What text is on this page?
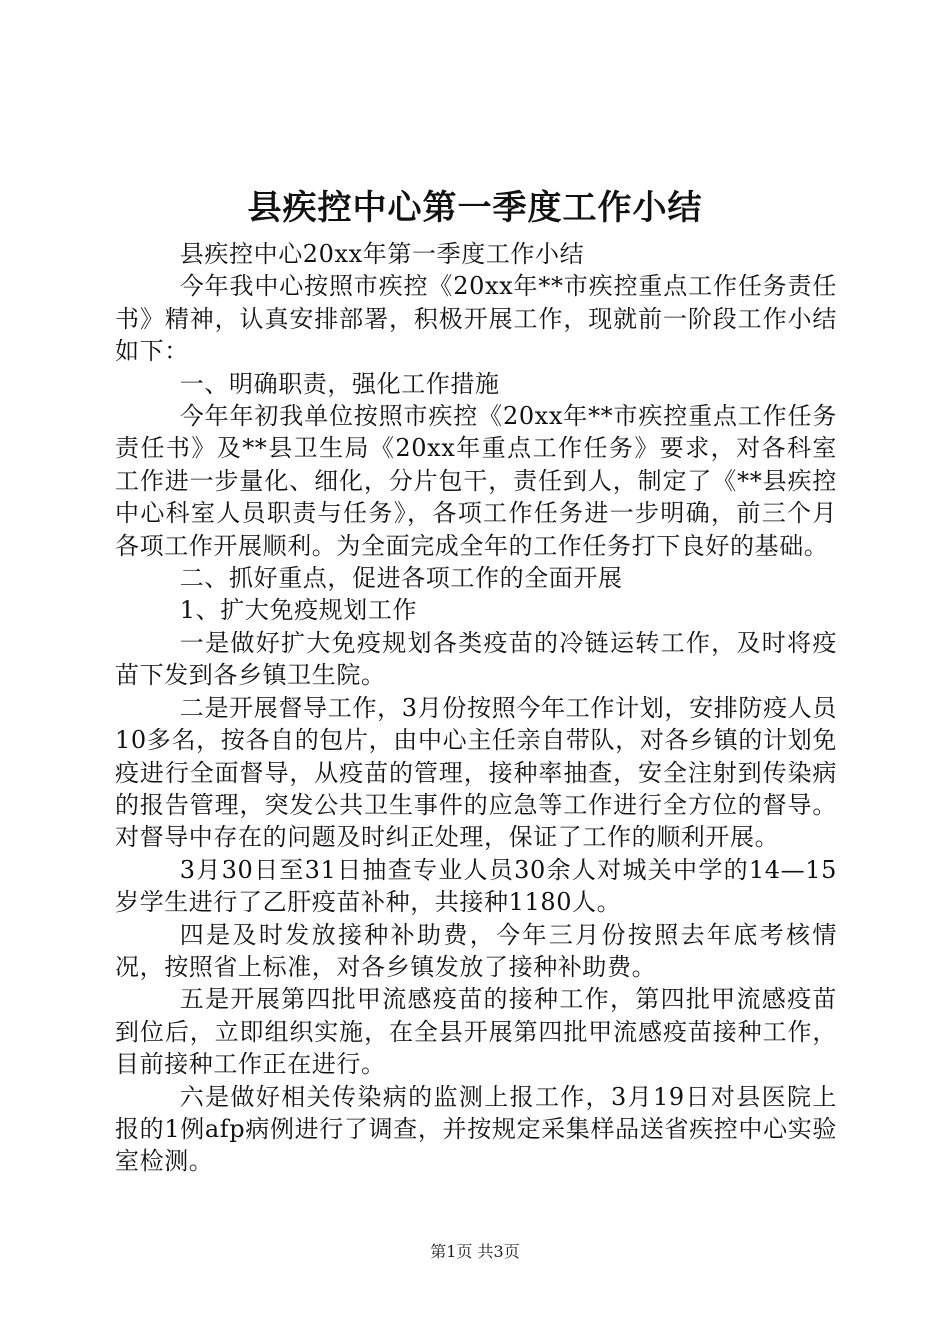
县疾控中心第一季度工作小结

县疾控中心20xx年第一季度工作小结

今年我中心按照市疾控《20xx年**市疾控重点工作任务责任书》精神，认真安排部署，积极开展工作，现就前一阶段工作小结如下：

一、明确职责，强化工作措施

今年年初我单位按照市疾控《20xx年**市疾控重点工作任务责任书》及**县卫生局《20xx年重点工作任务》要求，对各科室工作进一步量化、细化，分片包干，责任到人，制定了《**县疾控中心科室人员职责与任务》，各项工作任务进一步明确，前三个月各项工作开展顺利。为全面完成全年的工作任务打下良好的基础。

二、抓好重点，促进各项工作的全面开展

1、扩大免疫规划工作

一是做好扩大免疫规划各类疫苗的冷链运转工作，及时将疫苗下发到各乡镇卫生院。

二是开展督导工作，3月份按照今年工作计划，安排防疫人员10多名，按各自的包片，由中心主任亲自带队，对各乡镇的计划免疫进行全面督导，从疫苗的管理，接种率抽查，安全注射到传染病的报告管理，突发公共卫生事件的应急等工作进行全方位的督导。对督导中存在的问题及时纠正处理，保证了工作的顺利开展。

3月30日至31日抽查专业人员30余人对城关中学的14—15岁学生进行了乙肝疫苗补种，共接种1180人。

四是及时发放接种补助费，今年三月份按照去年底考核情况，按照省上标准，对各乡镇发放了接种补助费。

五是开展第四批甲流感疫苗的接种工作，第四批甲流感疫苗到位后，立即组织实施，在全县开展第四批甲流感疫苗接种工作，目前接种工作正在进行。

六是做好相关传染病的监测上报工作，3月19日对县医院上报的1例afp病例进行了调查，并按规定采集样品送省疾控中心实验室检测。

第1页 共3页
